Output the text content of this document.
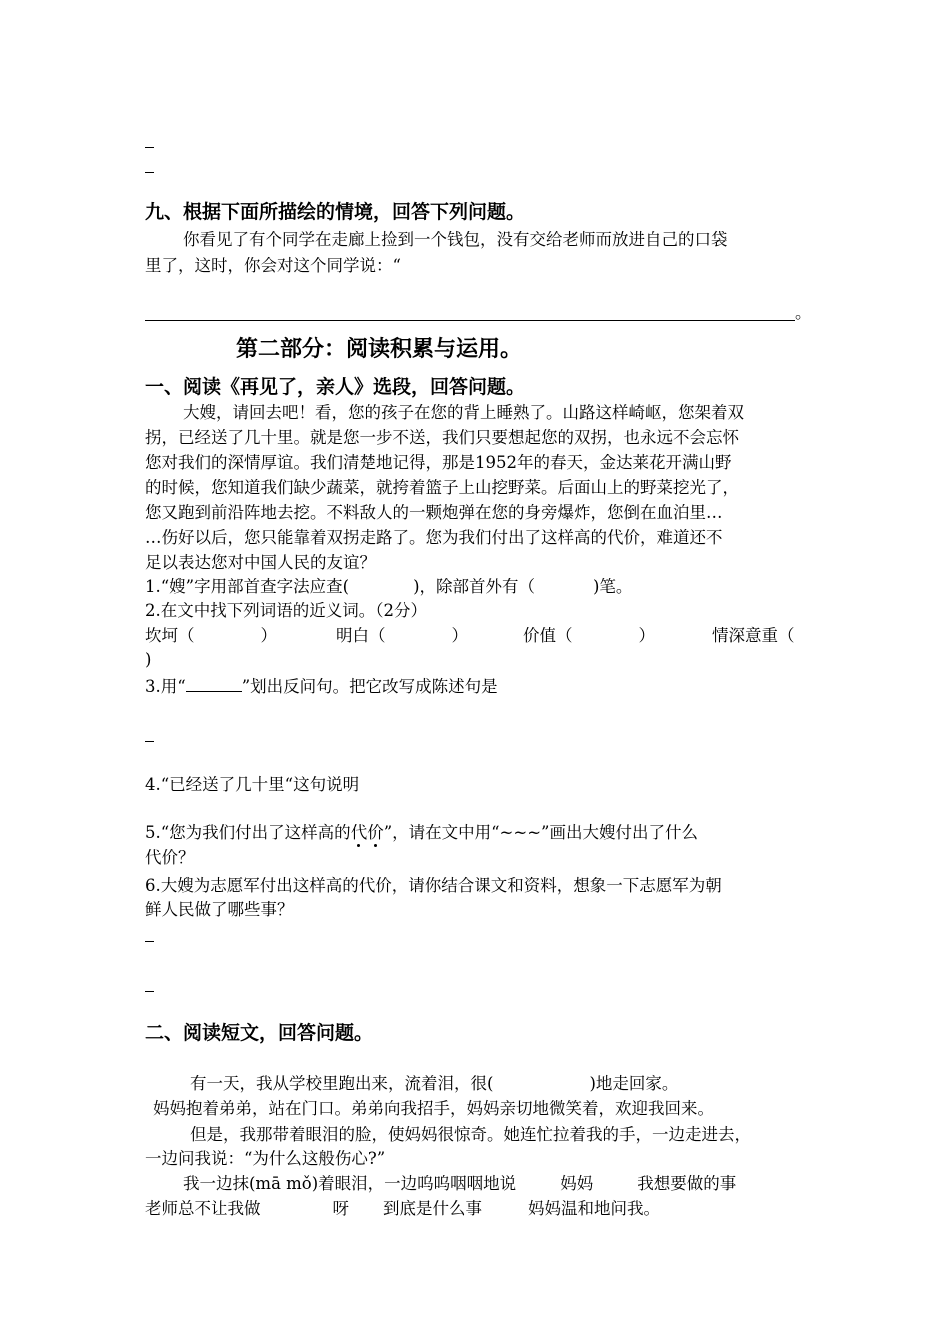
九、根据下面所描绘的情境，回答下列问题。
你看见了有个同学在走廊上捡到一个钱包，没有交给老师而放进自己的口袋
里了，这时，你会对这个同学说：“
。
第二部分：阅读积累与运用。
一、阅读《再见了，亲人》选段，回答问题。
大嫂，请回去吧！看，您的孩子在您的背上睡熟了。山路这样崎岖，您架着双
拐，已经送了几十里。就是您一步不送，我们只要想起您的双拐，也永远不会忘怀
您对我们的深情厚谊。我们清楚地记得，那是1952年的春天，金达莱花开满山野
的时候，您知道我们缺少蔬菜，就挎着篮子上山挖野菜。后面山上的野菜挖光了，
您又跑到前沿阵地去挖。不料敌人的一颗炮弹在您的身旁爆炸，您倒在血泊里…
…伤好以后，您只能靠着双拐走路了。您为我们付出了这样高的代价，难道还不
足以表达您对中国人民的友谊？
1.“嫂”字用部首查字法应查(	)，除部首外有（	)笔。
2.在文中找下列词语的近义词。（2分）
坎坷（	）	明白（	）	价值（	）	情深意重（
)
3.用“	”划出反问句。把它改写成陈述句是
4.“已经送了几十里“这句说明
5.“您为我们付出了这样高的代价”，请在文中用“~~~”画出大嫂付出了什么
代价？
6.大嫂为志愿军付出这样高的代价，请你结合课文和资料，想象一下志愿军为朝
鲜人民做了哪些事？
二、阅读短文，回答问题。
有一天，我从学校里跑出来，流着泪，很(	)地走回家。
妈妈抱着弟弟，站在门口。弟弟向我招手，妈妈亲切地微笑着，欢迎我回来。
但是，我那带着眼泪的脸，使妈妈很惊奇。她连忙拉着我的手，一边走进去，
一边问我说：“为什么这般伤心?”
我一边抹(mā mǒ)着眼泪，一边呜呜咽咽地说	妈妈	我想要做的事
老师总不让我做	呀 到底是什么事	妈妈温和地问我。
